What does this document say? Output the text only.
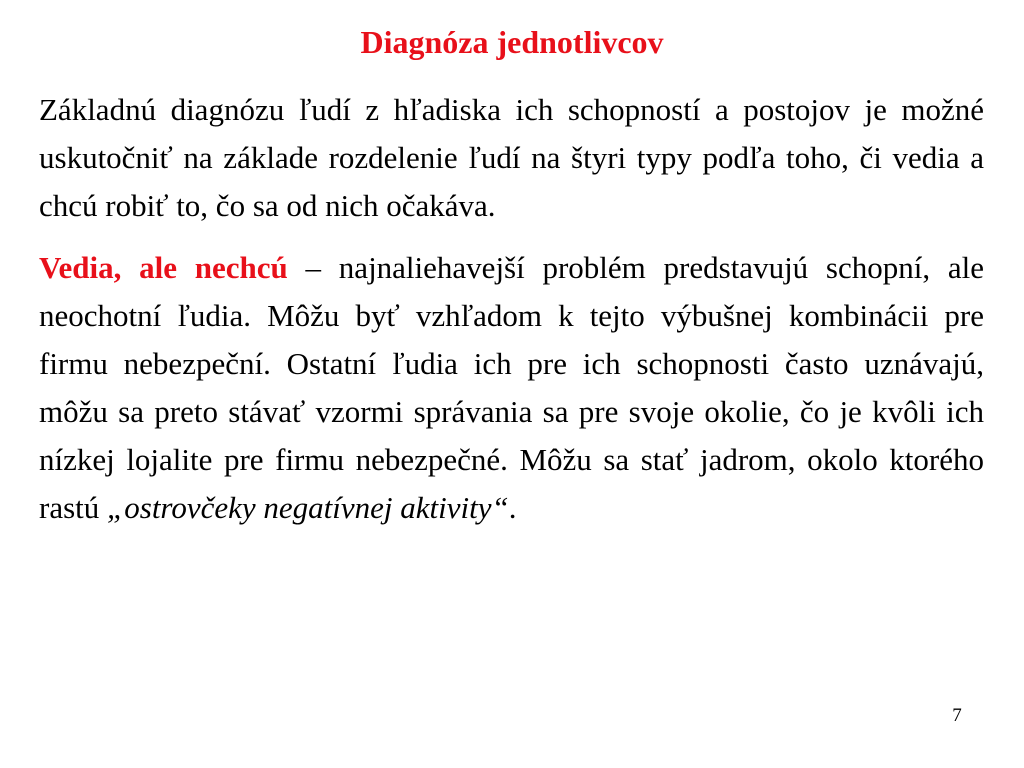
Diagnóza jednotlivcov

Základnú diagnózu ľudí z hľadiska ich schopností a postojov je možné uskutočniť na základe rozdelenie ľudí na štyri typy podľa toho, či vedia a chcú robiť to, čo sa od nich očakáva.

Vedia, ale nechcú – najnaliehavejší problém predstavujú schopní, ale neochotní ľudia. Môžu byť vzhľadom k tejto výbušnej kombinácii pre firmu nebezpeční. Ostatní ľudia ich pre ich schopnosti často uznávajú, môžu sa preto stávať vzormi správania sa pre svoje okolie, čo je kvôli ich nízkej lojalite pre firmu nebezpečné. Môžu sa stať jadrom, okolo ktorého rastú „ostrovčeky negatívnej aktivity“.

7
